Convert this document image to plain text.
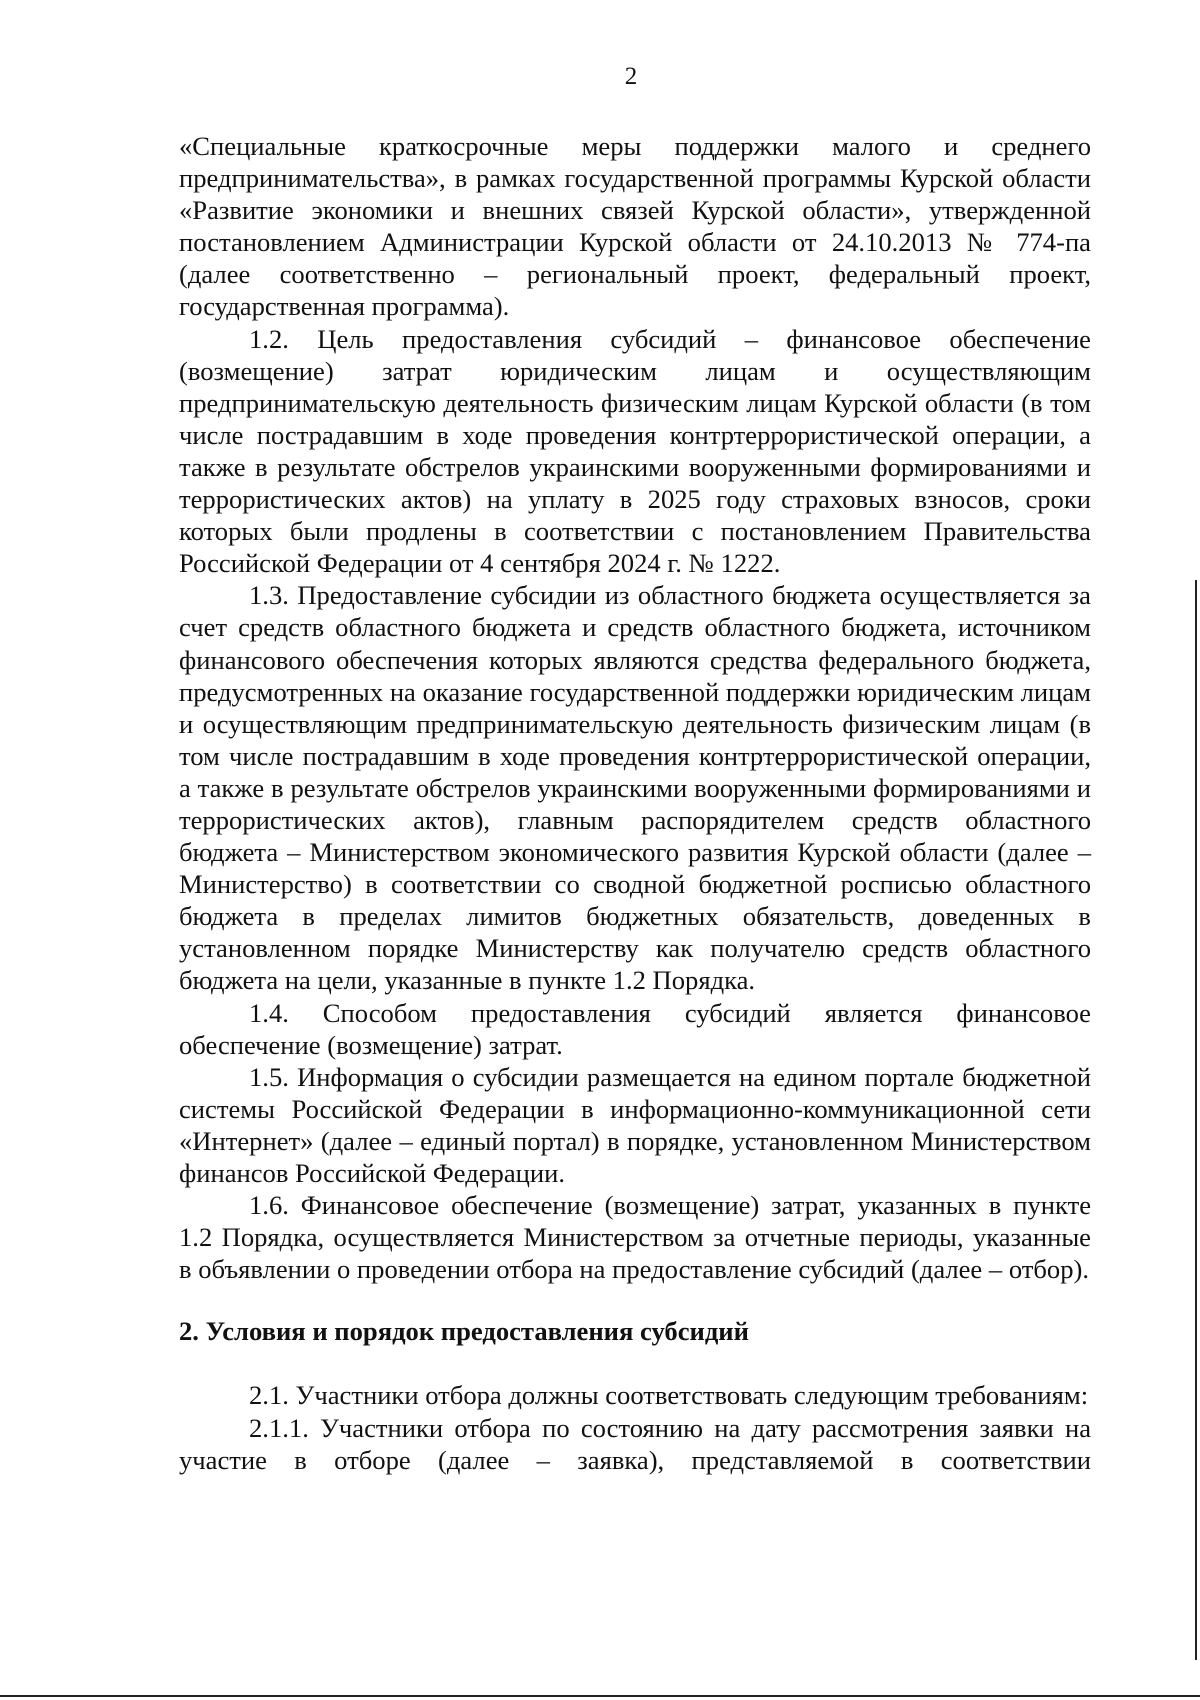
2

«Специальные краткосрочные меры поддержки малого и среднего предпринимательства», в рамках государственной программы Курской области «Развитие экономики и внешних связей Курской области», утвержденной постановлением Администрации Курской области от 24.10.2013 № 774-па (далее соответственно – региональный проект, федеральный проект, государственная программа).

1.2. Цель предоставления субсидий – финансовое обеспечение (возмещение) затрат юридическим лицам и осуществляющим предпринимательскую деятельность физическим лицам Курской области (в том числе пострадавшим в ходе проведения контртеррористической операции, а также в результате обстрелов украинскими вооруженными формированиями и террористических актов) на уплату в 2025 году страховых взносов, сроки которых были продлены в соответствии с постановлением Правительства Российской Федерации от 4 сентября 2024 г. № 1222.

1.3. Предоставление субсидии из областного бюджета осуществляется за счет средств областного бюджета и средств областного бюджета, источником финансового обеспечения которых являются средства федерального бюджета, предусмотренных на оказание государственной поддержки юридическим лицам и осуществляющим предпринимательскую деятельность физическим лицам (в том числе пострадавшим в ходе проведения контртеррористической операции, а также в результате обстрелов украинскими вооруженными формированиями и террористических актов), главным распорядителем средств областного бюджета – Министерством экономического развития Курской области (далее – Министерство) в соответствии со сводной бюджетной росписью областного бюджета в пределах лимитов бюджетных обязательств, доведенных в установленном порядке Министерству как получателю средств областного бюджета на цели, указанные в пункте 1.2 Порядка.

1.4. Способом предоставления субсидий является финансовое обеспечение (возмещение) затрат.

1.5. Информация о субсидии размещается на едином портале бюджетной системы Российской Федерации в информационно-коммуникационной сети «Интернет» (далее – единый портал) в порядке, установленном Министерством финансов Российской Федерации.

1.6. Финансовое обеспечение (возмещение) затрат, указанных в пункте 1.2 Порядка, осуществляется Министерством за отчетные периоды, указанные в объявлении о проведении отбора на предоставление субсидий (далее – отбор).

2. Условия и порядок предоставления субсидий

2.1. Участники отбора должны соответствовать следующим требованиям:

2.1.1. Участники отбора по состоянию на дату рассмотрения заявки на участие в отборе (далее – заявка), представляемой в соответствии
